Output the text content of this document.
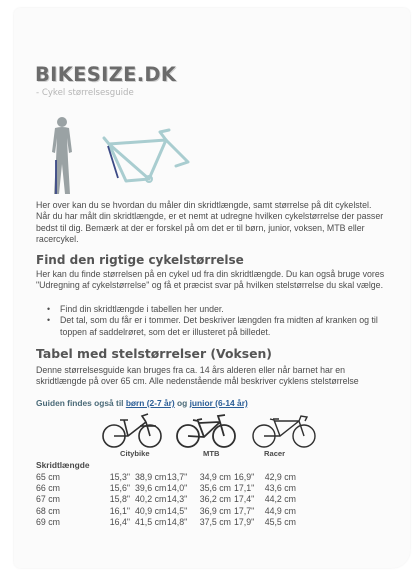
BIKESIZE.DK
- Cykel størrelsesguide
Her over kan du se hvordan du måler din skridtlængde, samt størrelse på dit cykelstel. Når du har målt din skridtlængde, er et nemt at udregne hvilken cykelstørrelse der passer bedst til dig. Bemærk at der er forskel på om det er til børn, junior, voksen, MTB eller racercykel.
Find den rigtige cykelstørrelse
Her kan du finde størrelsen på en cykel ud fra din skridtlængde. Du kan også bruge vores "Udregning af cykelstørrelse" og få et præcist svar på hvilken stelstørrelse du skal vælge.
• Find din skridtlængde i tabellen her under.
• Det tal, som du får er i tommer. Det beskriver længden fra midten af kranken og til toppen af saddelrøret, som det er illusteret på billedet.
Tabel med stelstørrelser (Voksen)
Denne størrelsesguide kan bruges fra ca. 14 års alderen eller når barnet har en skridtlængde på over 65 cm. Alle nedenstående mål beskriver cyklens stelstørrelse
Guiden findes også til børn (2-7 år) og junior (6-14 år)
Citybike	MTB	Racer
Skridtlængde							
65 cm	15,3"	38,9 cm	13,7"	34,9 cm	16,9"	42,9 cm	
66 cm	15,6"	39,6 cm	14,0"	35,6 cm	17,1"	43,6 cm	
67 cm	15,8"	40,2 cm	14,3"	36,2 cm	17,4"	44,2 cm	
68 cm	16,1"	40,9 cm	14,5"	36,9 cm	17,7"	44,9 cm	
69 cm	16,4"	41,5 cm	14,8"	37,5 cm	17,9"	45,5 cm	
